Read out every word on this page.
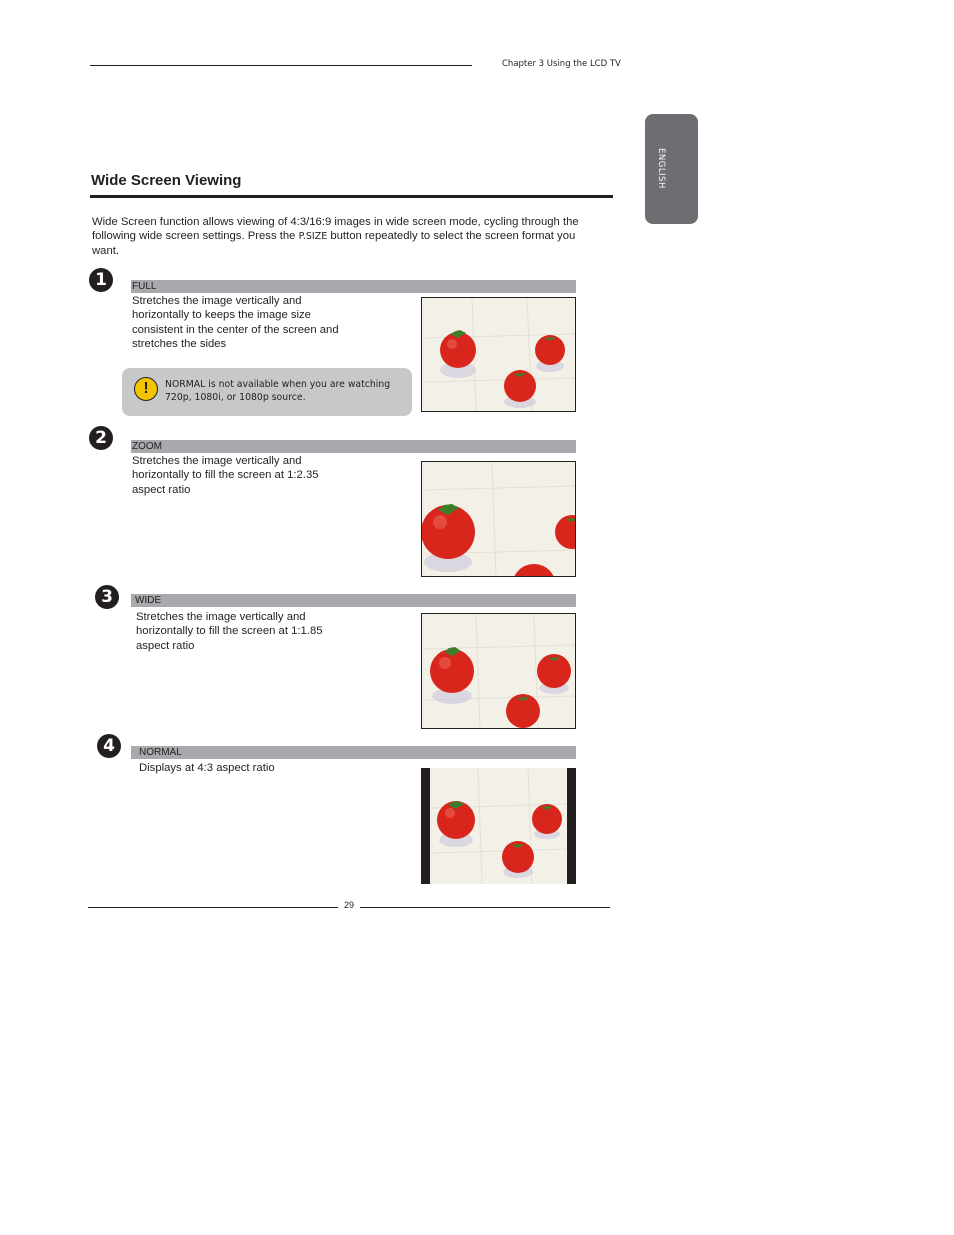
Chapter 3 Using the LCD TV
ENGLISH
Wide Screen Viewing
Wide Screen function allows viewing of 4:3/16:9 images in wide screen mode, cycling through the following wide screen settings. Press the P.SIZE button repeatedly to select the screen format you want.
1	FULL
Stretches the image vertically and horizontally to keeps the image size consistent in the center of the screen and stretches the sides
!	NORMAL is not available when you are watching 720p, 1080i, or 1080p source.
2	ZOOM
Stretches the image vertically and horizontally to fill the screen at 1:2.35 aspect ratio
3	WIDE
Stretches the image vertically and horizontally to fill the screen at 1:1.85 aspect ratio
4	NORMAL
Displays at 4:3 aspect ratio
29
